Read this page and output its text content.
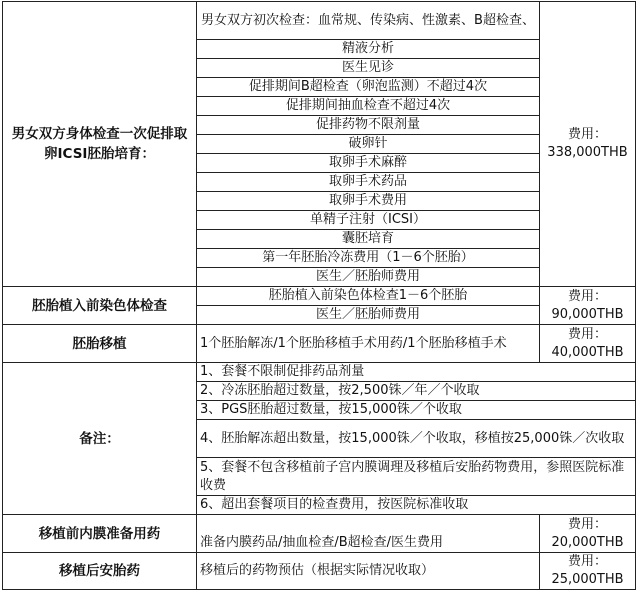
男女双方身体检查一次促排取卵ICSI胚胎培育：	男女双方初次检查：血常规、传染病、性激素、B超检查、	费用：
338,000THB

	精液分析	
	医生见诊	
	促排期间B超检查（卵泡监测）不超过4次	
	促排期间抽血检查不超过4次	
	促排药物不限剂量	
	破卵针	
	取卵手术麻醉	
	取卵手术药品	
	取卵手术费用	
	单精子注射（ICSI）	
	囊胚培育	
	第一年胚胎冷冻费用（1－6个胚胎）	
	医生／胚胎师费用	
胚胎植入前染色体检查	胚胎植入前染色体检查1－6个胚胎	费用：
90,000THB

	医生／胚胎师费用	
胚胎移植	1个胚胎解冻/1个胚胎移植手术用药/1个胚胎移植手术	费用：
40,000THB

备注：	1、套餐不限制促排药品剂量	
	2、冷冻胚胎超过数量，按2,500铢／年／个收取	
	3、PGS胚胎超过数量，按15,000铢／个收取	
	4、胚胎解冻超出数量，按15,000铢／个收取，移植按25,000铢／次收取	
	5、套餐不包含移植前子宫内膜调理及移植后安胎药物费用，参照医院标准收费	
	6、超出套餐项目的检查费用，按医院标准收取	
移植前内膜准备用药	准备内膜药品/抽血检查/B超检查/医生费用	费用：
20,000THB

移植后安胎药	移植后的药物预估（根据实际情况收取）	费用：
25,000THB
